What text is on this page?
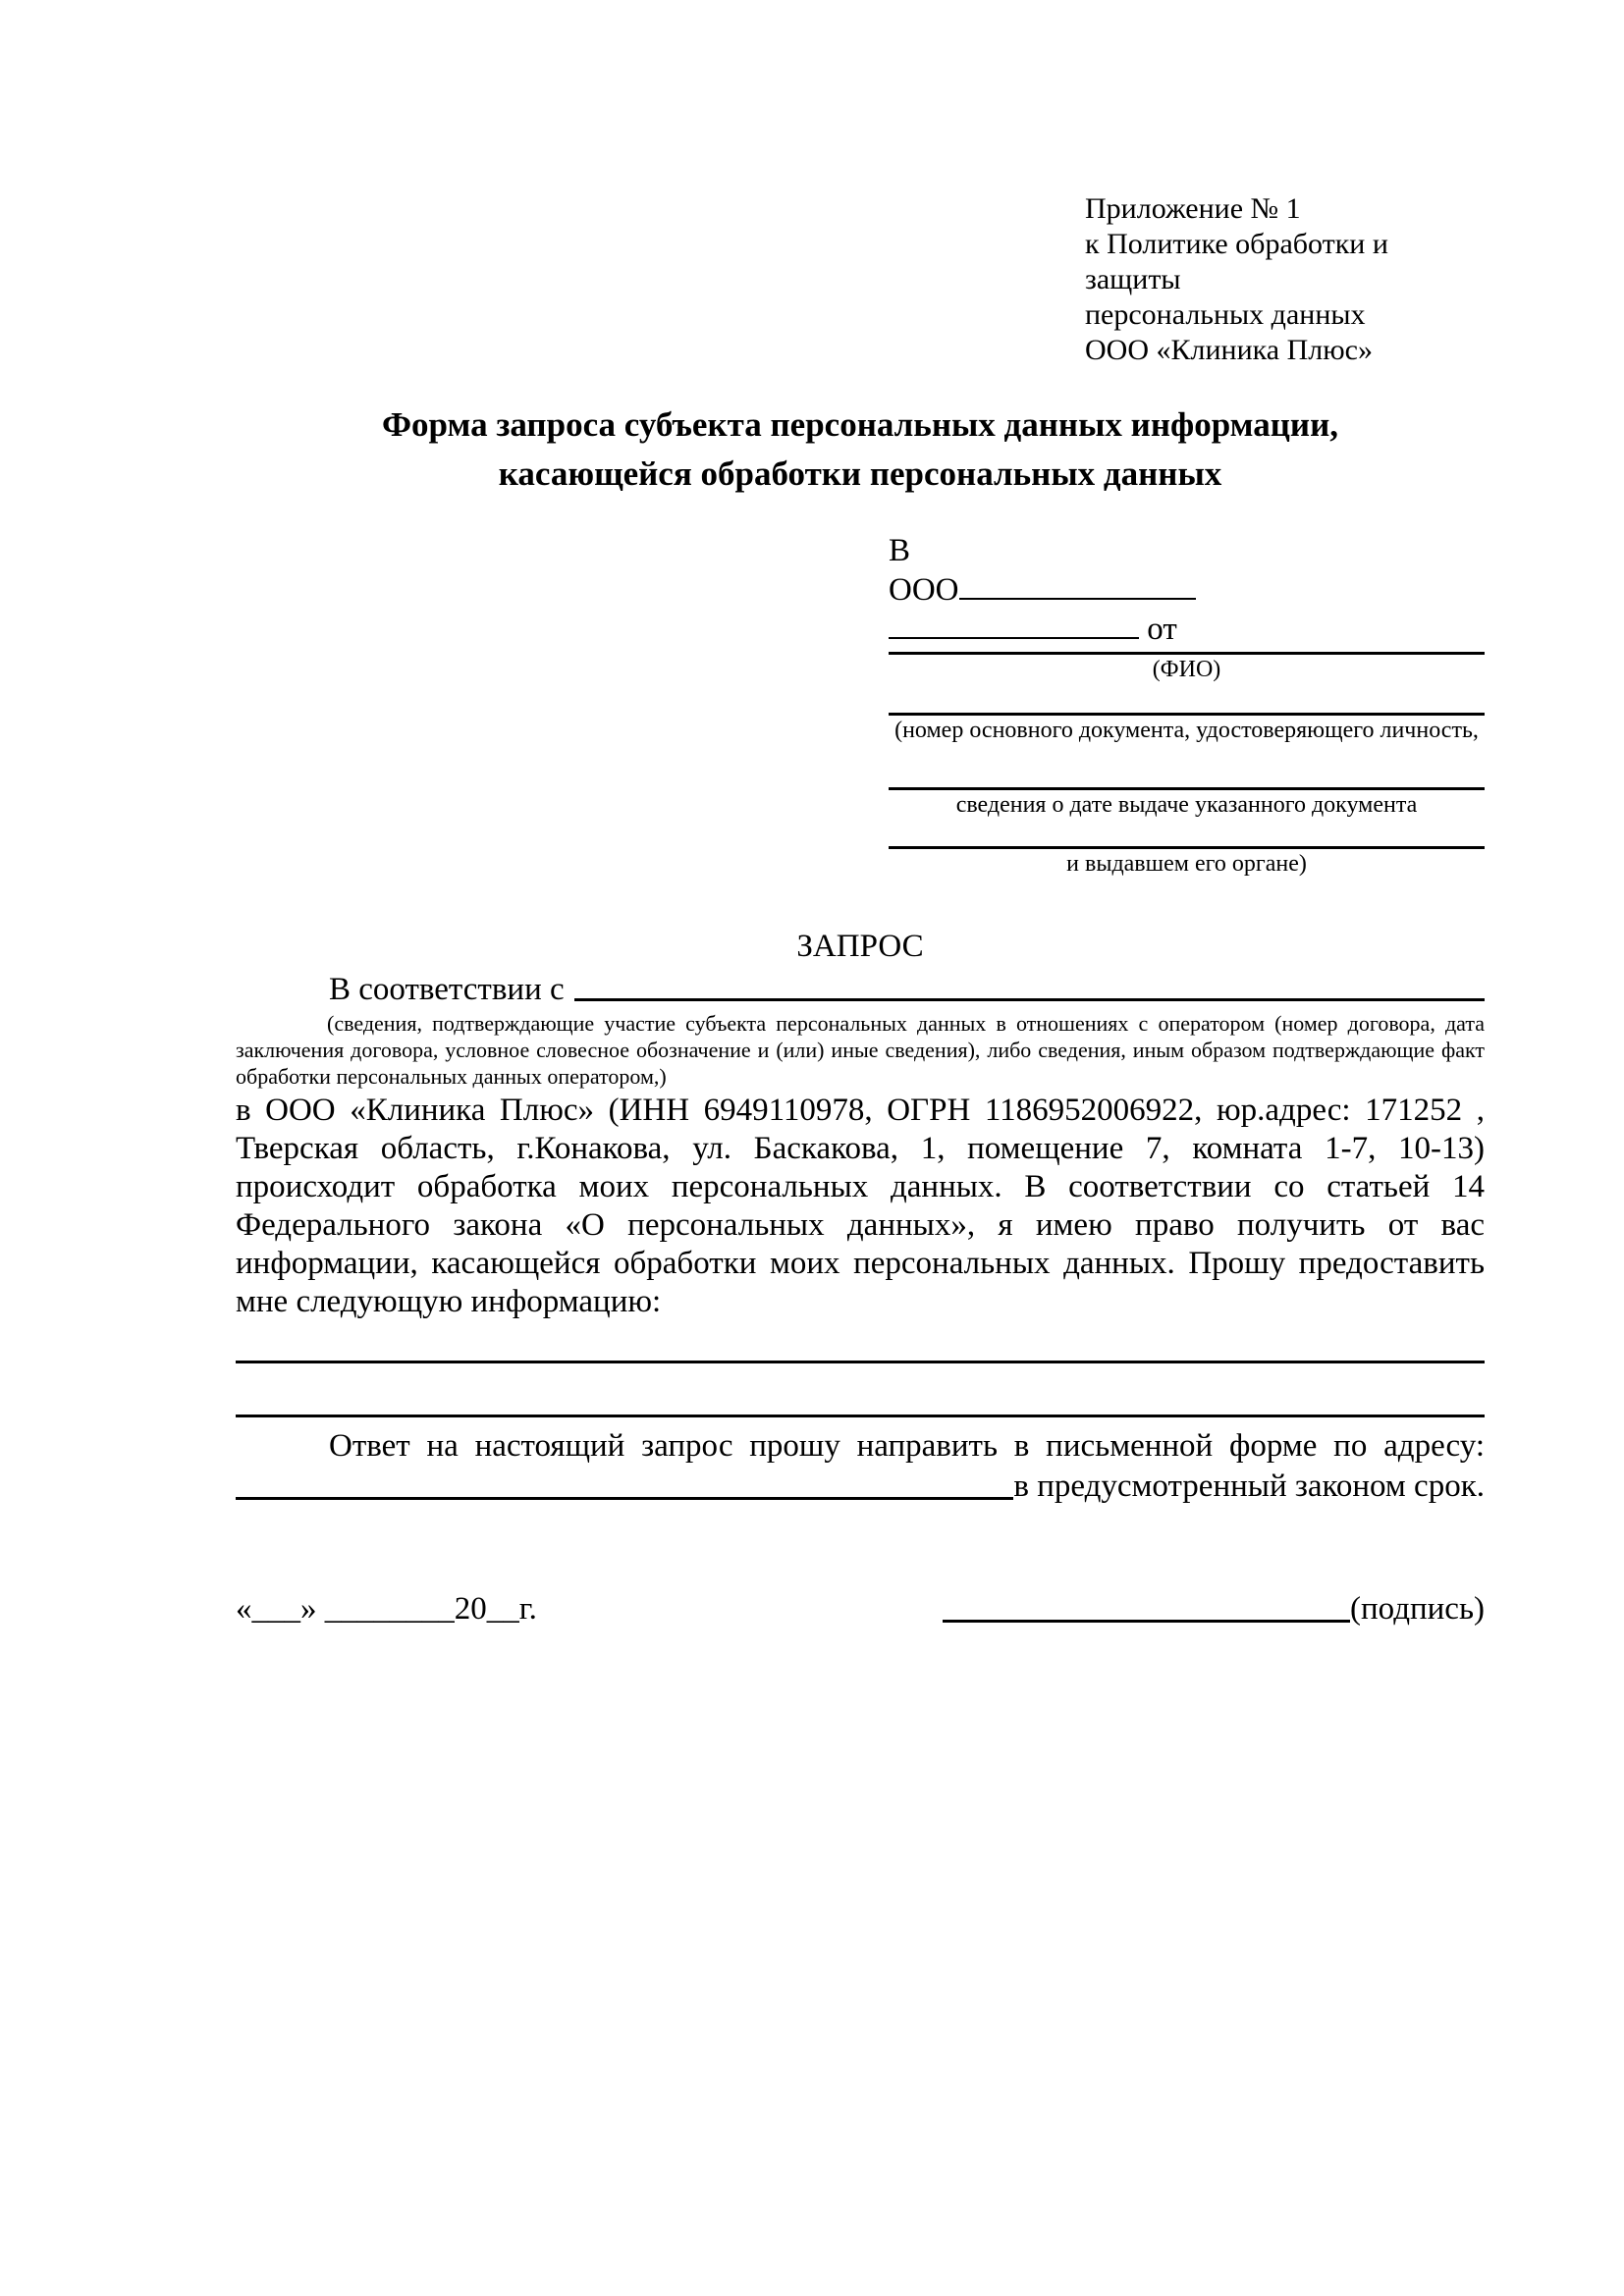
Приложение № 1
к Политике обработки и защиты
персональных данных
ООО «Клиника Плюс»
Форма запроса субъекта персональных данных информации,
касающейся обработки персональных данных
В
ООО
от
(ФИО)
(номер основного документа, удостоверяющего личность,
сведения о дате выдаче указанного документа
и выдавшем его органе)
ЗАПРОС
В соответствии с
(сведения, подтверждающие участие субъекта персональных данных в отношениях с оператором (номер договора, дата заключения договора, условное словесное обозначение и (или) иные сведения), либо сведения, иным образом подтверждающие факт обработки персональных данных оператором,)
в ООО «Клиника Плюс» (ИНН 6949110978, ОГРН 1186952006922, юр.адрес: 171252 , Тверская область, г.Конакова, ул. Баскакова, 1, помещение 7, комната 1-7, 10-13) происходит обработка моих персональных данных. В соответствии со статьей 14 Федерального закона «О персональных данных», я имею право получить от вас информации, касающейся обработки моих персональных данных. Прошу предоставить мне следующую информацию:
Ответ на настоящий запрос прошу направить в письменной форме по адресу:
в предусмотренный законом срок.
«___» ________20__г.	(подпись)
